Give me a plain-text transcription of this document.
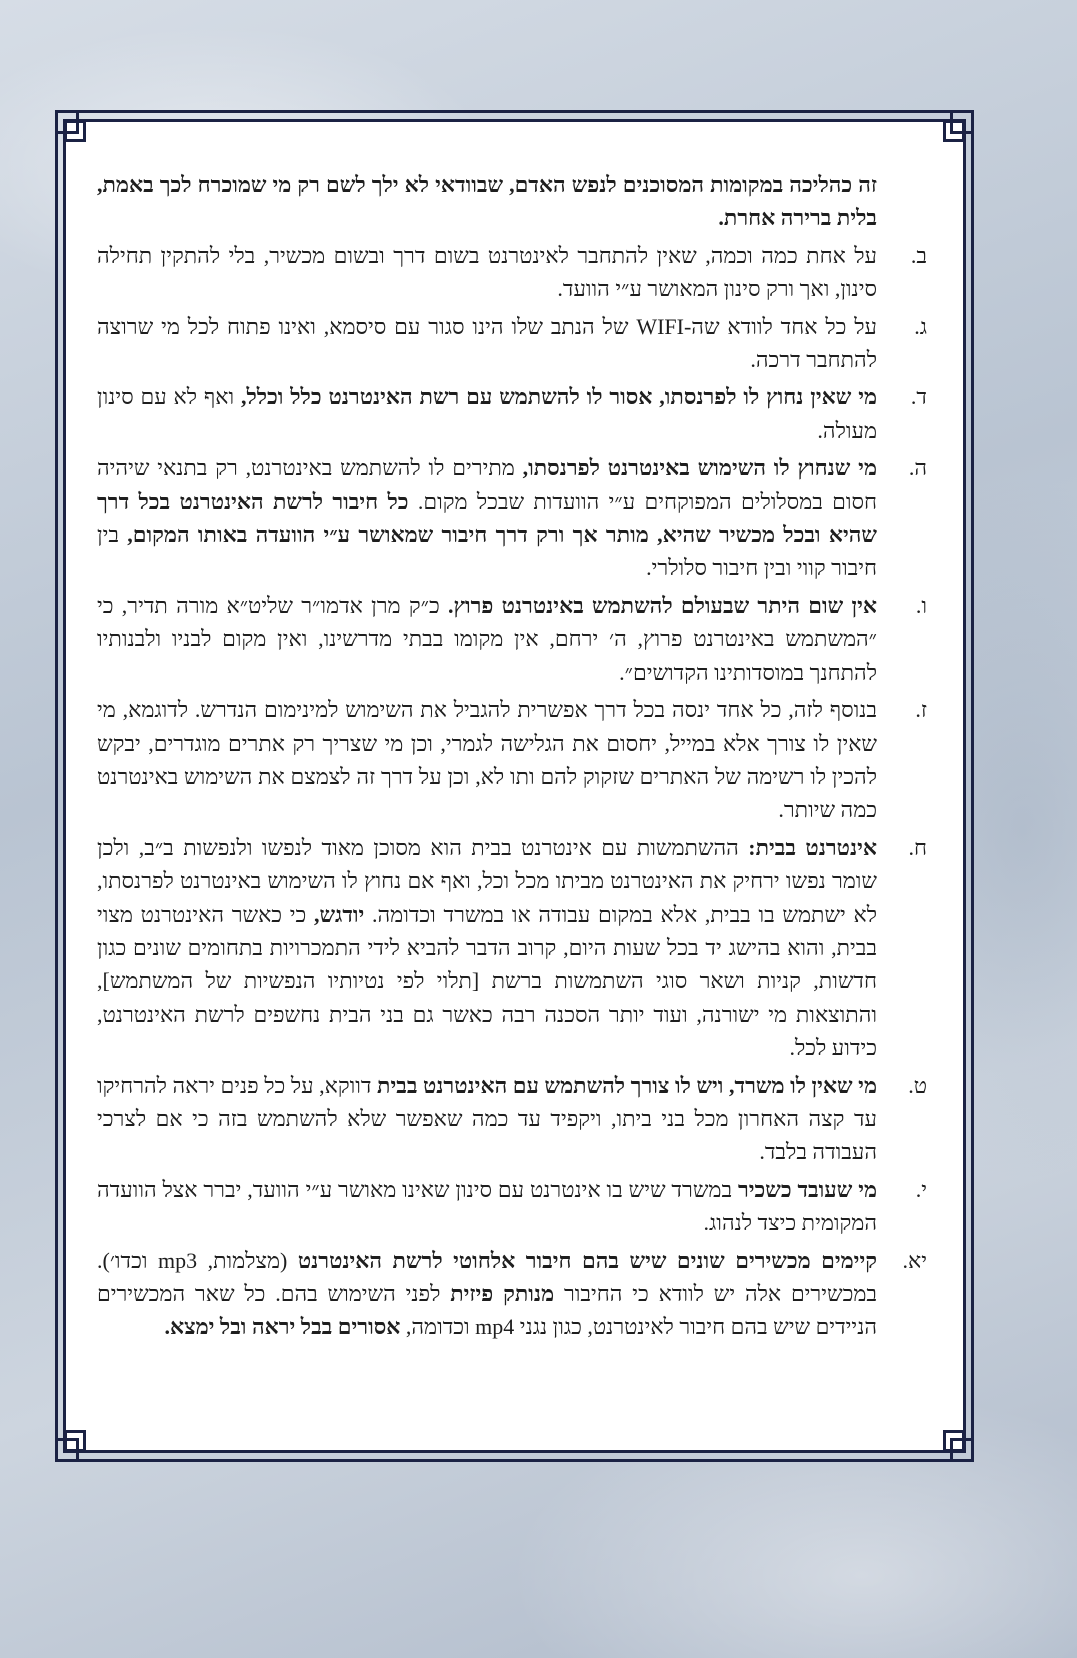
זה כהליכה במקומות המסוכנים לנפש האדם, שבוודאי לא ילך לשם רק מי שמוכרח לכך באמת, בלית ברירה אחרת.
ב.
על אחת כמה וכמה, שאין להתחבר לאינטרנט בשום דרך ובשום מכשיר, בלי להתקין תחילה סינון, ואך ורק סינון המאושר ע״י הוועד.
ג.
על כל אחד לוודא שה-WIFI של הנתב שלו הינו סגור עם סיסמא, ואינו פתוח לכל מי שרוצה להתחבר דרכה.
ד.
מי שאין נחוץ לו לפרנסתו, אסור לו להשתמש עם רשת האינטרנט כלל וכלל, ואף לא עם סינון מעולה.
ה.
מי שנחוץ לו השימוש באינטרנט לפרנסתו, מתירים לו להשתמש באינטרנט, רק בתנאי שיהיה חסום במסלולים המפוקחים ע״י הוועדות שבכל מקום. כל חיבור לרשת האינטרנט בכל דרך שהיא ובכל מכשיר שהיא, מותר אך ורק דרך חיבור שמאושר ע״י הוועדה באותו המקום, בין חיבור קווי ובין חיבור סלולרי.
ו.
אין שום היתר שבעולם להשתמש באינטרנט פרוץ. כ״ק מרן אדמו״ר שליט״א מורה תדיר, כי ״המשתמש באינטרנט פרוץ, ה׳ ירחם, אין מקומו בבתי מדרשינו, ואין מקום לבניו ולבנותיו להתחנך במוסדותינו הקדושים״.
ז.
בנוסף לזה, כל אחד ינסה בכל דרך אפשרית להגביל את השימוש למינימום הנדרש. לדוגמא, מי שאין לו צורך אלא במייל, יחסום את הגלישה לגמרי, וכן מי שצריך רק אתרים מוגדרים, יבקש להכין לו רשימה של האתרים שזקוק להם ותו לא, וכן על דרך זה לצמצם את השימוש באינטרנט כמה שיותר.
ח.
אינטרנט בבית: ההשתמשות עם אינטרנט בבית הוא מסוכן מאוד לנפשו ולנפשות ב״ב, ולכן שומר נפשו ירחיק את האינטרנט מביתו מכל וכל, ואף אם נחוץ לו השימוש באינטרנט לפרנסתו, לא ישתמש בו בבית, אלא במקום עבודה או במשרד וכדומה. יודגש, כי כאשר האינטרנט מצוי בבית, והוא בהישג יד בכל שעות היום, קרוב הדבר להביא לידי התמכרויות בתחומים שונים כגון חדשות, קניות ושאר סוגי השתמשות ברשת [תלוי לפי נטיותיו הנפשיות של המשתמש], והתוצאות מי ישורנה, ועוד יותר הסכנה רבה כאשר גם בני הבית נחשפים לרשת האינטרנט, כידוע לכל.
ט.
מי שאין לו משרד, ויש לו צורך להשתמש עם האינטרנט בבית דווקא, על כל פנים יראה להרחיקו עד קצה האחרון מכל בני ביתו, ויקפיד עד כמה שאפשר שלא להשתמש בזה כי אם לצרכי העבודה בלבד.
י.
מי שעובד כשכיר במשרד שיש בו אינטרנט עם סינון שאינו מאושר ע״י הוועד, יברר אצל הוועדה המקומית כיצד לנהוג.
יא.
קיימים מכשירים שונים שיש בהם חיבור אלחוטי לרשת האינטרנט (מצלמות, mp3 וכדו׳). במכשירים אלה יש לוודא כי החיבור מנותק פיזית לפני השימוש בהם. כל שאר המכשירים הניידים שיש בהם חיבור לאינטרנט, כגון נגני mp4 וכדומה, אסורים בבל יראה ובל ימצא.
